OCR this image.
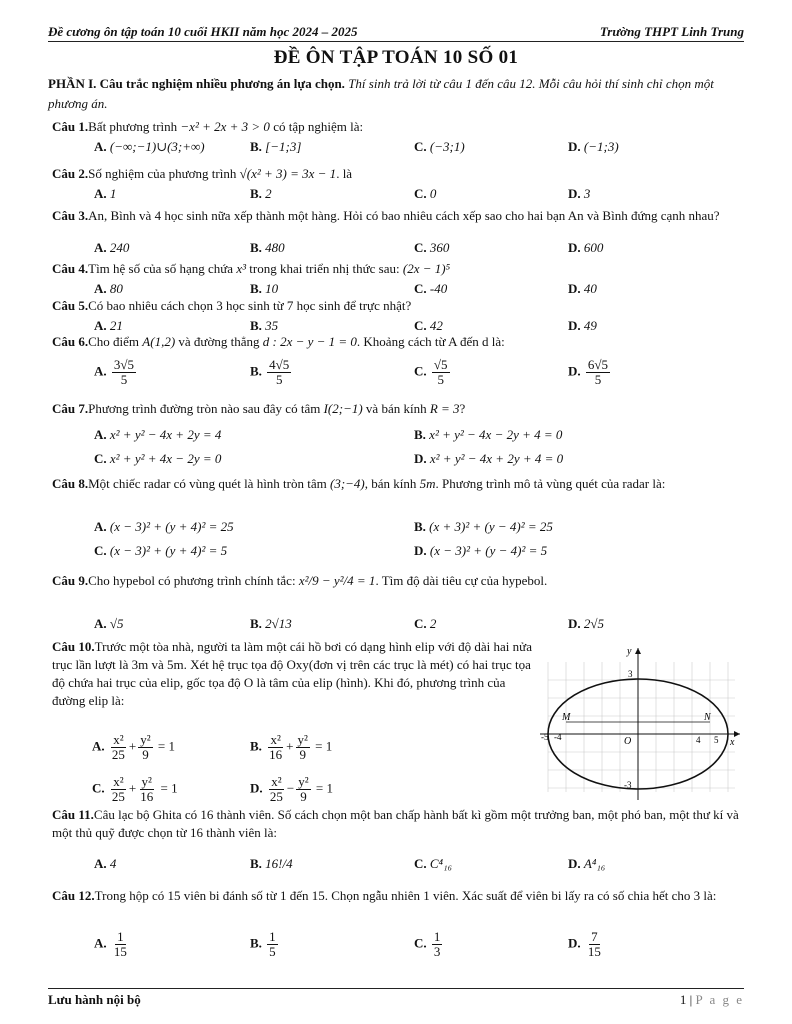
Đề cương ôn tập toán 10 cuối HKII năm học 2024 – 2025	Trường THPT Linh Trung
ĐỀ ÔN TẬP TOÁN 10 SỐ 01
PHẦN I. Câu trắc nghiệm nhiều phương án lựa chọn. Thí sinh trả lời từ câu 1 đến câu 12. Mỗi câu hỏi thí sinh chỉ chọn một phương án.
Câu 1.Bất phương trình −x² + 2x + 3 > 0 có tập nghiệm là:
A. (−∞;−1)∪(3;+∞)	B. [−1;3]	C. (−3;1)	D. (−1;3)
Câu 2.Số nghiệm của phương trình √(x² + 3) = 3x − 1. là
A. 1	B. 2	C. 0	D. 3
Câu 3.An, Bình và 4 học sinh nữa xếp thành một hàng. Hỏi có bao nhiêu cách xếp sao cho hai bạn An và Bình đứng cạnh nhau?
A. 240	B. 480	C. 360	D. 600
Câu 4.Tìm hệ số của số hạng chứa x³ trong khai triển nhị thức sau: (2x − 1)⁵
A. 80	B. 10	C. -40	D. 40
Câu 5.Có bao nhiêu cách chọn 3 học sinh từ 7 học sinh để trực nhật?
A. 21	B. 35	C. 42	D. 49
Câu 6.Cho điểm A(1,2) và đường thẳng d : 2x − y − 1 = 0. Khoảng cách từ A đến d là:
A. $\frac{3√5}{5}$	B. $\frac{4√5}{5}$	C. $\frac{√5}{5}$	D. $\frac{6√5}{5}$
Câu 7.Phương trình đường tròn nào sau đây có tâm I(2;−1) và bán kính R = 3?
A. x² + y² − 4x + 2y = 4	B. x² + y² − 4x − 2y + 4 = 0
C. x² + y² + 4x − 2y = 0	D. x² + y² − 4x + 2y + 4 = 0
Câu 8.Một chiếc radar có vùng quét là hình tròn tâm (3;−4), bán kính 5m. Phương trình mô tả vùng quét của radar là:
A. (x − 3)² + (y + 4)² = 25	B. (x + 3)² + (y − 4)² = 25
C. (x − 3)² + (y + 4)² = 5	D. (x − 3)² + (y − 4)² = 5
Câu 9.Cho hypebol có phương trình chính tắc: x²/9 − y²/4 = 1. Tìm độ dài tiêu cự của hypebol.
A. √5	B. 2√13	C. 2	D. 2√5
Câu 10.Trước một tòa nhà, người ta làm một cái hồ bơi có dạng hình elip với độ dài hai nửa trục lần lượt là 3m và 5m. Xét hệ trục tọa độ Oxy(đơn vị trên các trục là mét) có hai trục tọa độ chứa hai trục của elip, gốc tọa độ O là tâm của elip (hình). Khi đó, phương trình của đường elip là:
A. $\frac{\text{x²}}{25} + \frac{\text{y²}}{9} = 1$	B. $\frac{\text{x²}}{16} + \frac{\text{y²}}{9} = 1$
C. $\frac{\text{x²}}{25} + \frac{\text{y²}}{16} = 1$	D. $\frac{\text{x²}}{25} - \frac{\text{y²}}{9} = 1$
Câu 11.Câu lạc bộ Ghita có 16 thành viên. Số cách chọn một ban chấp hành bất kì gồm một trưởng ban, một phó ban, một thư kí và một thủ quỹ được chọn từ 16 thành viên là:
A. 4	B. 16!/4	C. C⁴₁₆	D. A⁴₁₆
Câu 12.Trong hộp có 15 viên bi đánh số từ 1 đến 15. Chọn ngẫu nhiên 1 viên. Xác suất để viên bi lấy ra có số chia hết cho 3 là:
A. $\frac{1}{15}$	B. $\frac{1}{5}$	C. $\frac{1}{3}$	D. $\frac{7}{15}$
y
x
3
-3
-4
-5	4 5
O
M	N
Lưu hành nội bộ	1 | P a g e
